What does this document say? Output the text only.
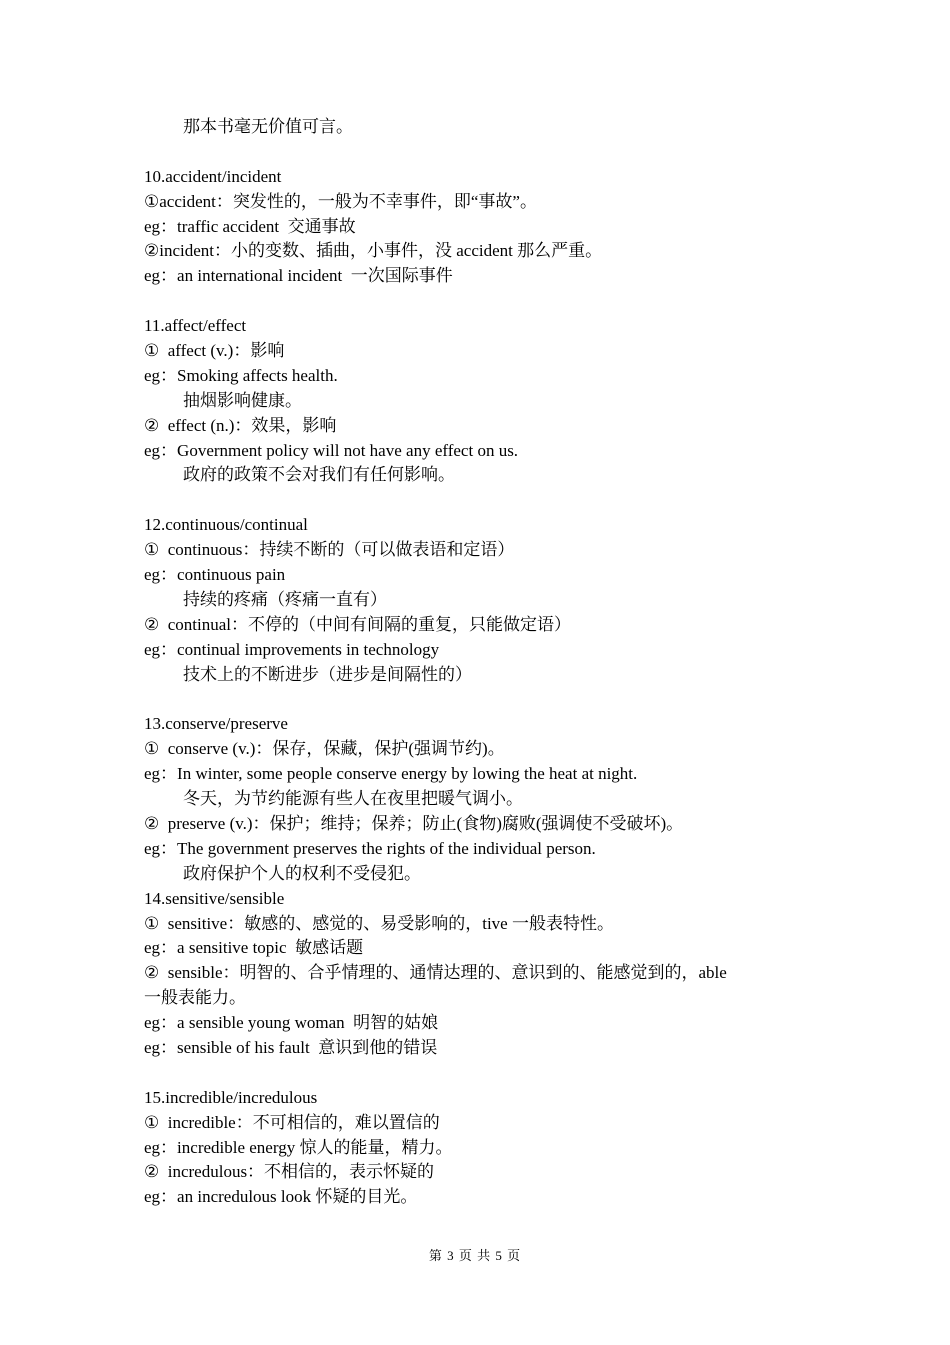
那本书毫无价值可言。
10.accident/incident
①accident：突发性的，一般为不幸事件，即“事故”。
eg：traffic accident  交通事故
②incident：小的变数、插曲，小事件，没 accident 那么严重。
eg：an international incident  一次国际事件
11.affect/effect
①  affect (v.)：影响
eg：Smoking affects health.
抽烟影响健康。
②  effect (n.)：效果，影响
eg：Government policy will not have any effect on us.
政府的政策不会对我们有任何影响。
12.continuous/continual
①  continuous：持续不断的（可以做表语和定语）
eg：continuous pain
持续的疼痛（疼痛一直有）
②  continual：不停的（中间有间隔的重复，只能做定语）
eg：continual improvements in technology
技术上的不断进步（进步是间隔性的）
13.conserve/preserve
①  conserve (v.)：保存，保藏，保护(强调节约)。
eg：In winter, some people conserve energy by lowing the heat at night.
冬天，为节约能源有些人在夜里把暖气调小。
②  preserve (v.)：保护；维持；保养；防止(食物)腐败(强调使不受破坏)。
eg：The government preserves the rights of the individual person.
政府保护个人的权利不受侵犯。
14.sensitive/sensible
①  sensitive：敏感的、感觉的、易受影响的，tive 一般表特性。
eg：a sensitive topic  敏感话题
②  sensible：明智的、合乎情理的、通情达理的、意识到的、能感觉到的，able
一般表能力。
eg：a sensible young woman  明智的姑娘
eg：sensible of his fault  意识到他的错误
15.incredible/incredulous
①  incredible：不可相信的，难以置信的
eg：incredible energy 惊人的能量，精力。
②  incredulous：不相信的，表示怀疑的
eg：an incredulous look 怀疑的目光。
第 3 页 共 5 页
